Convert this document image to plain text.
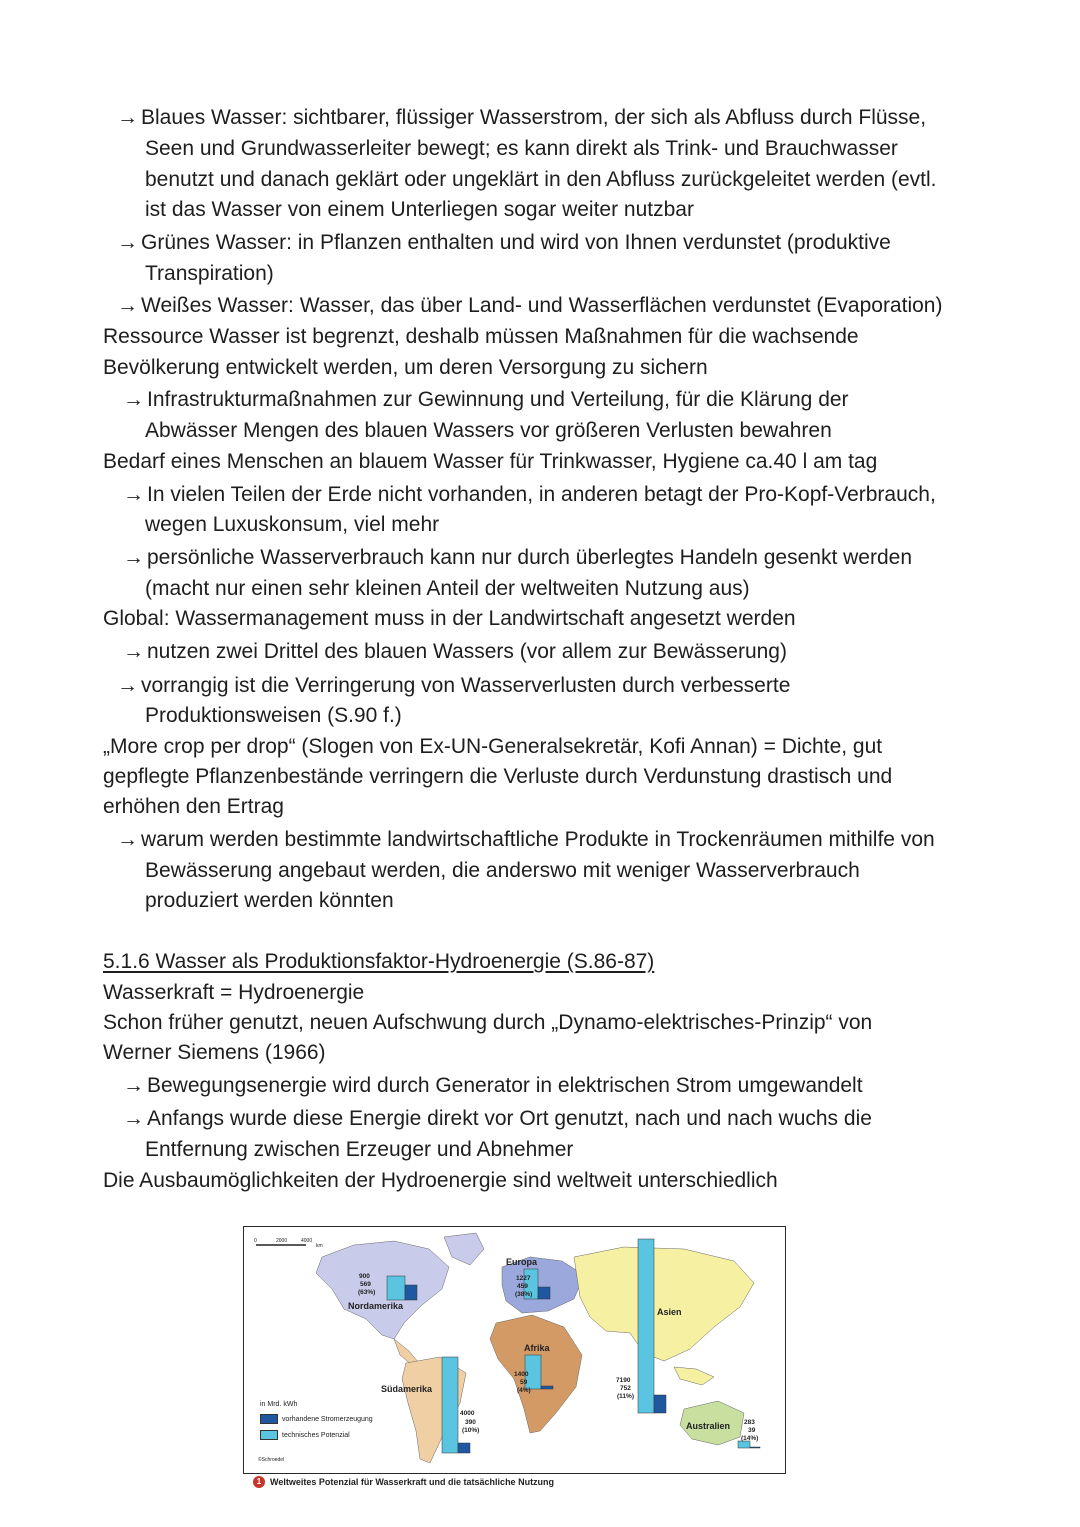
→ Blaues Wasser: sichtbarer, flüssiger Wasserstrom, der sich als Abfluss durch Flüsse,
Seen und Grundwasserleiter bewegt; es kann direkt als Trink- und Brauchwasser
benutzt und danach geklärt oder ungeklärt in den Abfluss zurückgeleitet werden (evtl.
ist das Wasser von einem Unterliegen sogar weiter nutzbar
→ Grünes Wasser: in Pflanzen enthalten und wird von Ihnen verdunstet (produktive
Transpiration)
→ Weißes Wasser: Wasser, das über Land- und Wasserflächen verdunstet (Evaporation)
Ressource Wasser ist begrenzt, deshalb müssen Maßnahmen für die wachsende
Bevölkerung entwickelt werden, um deren Versorgung zu sichern
→ Infrastrukturmaßnahmen zur Gewinnung und Verteilung, für die Klärung der
Abwässer Mengen des blauen Wassers vor größeren Verlusten bewahren
Bedarf eines Menschen an blauem Wasser für Trinkwasser, Hygiene ca.40 l am tag
→ In vielen Teilen der Erde nicht vorhanden, in anderen betagt der Pro-Kopf-Verbrauch,
wegen Luxuskonsum, viel mehr
→ persönliche Wasserverbrauch kann nur durch überlegtes Handeln gesenkt werden
(macht nur einen sehr kleinen Anteil der weltweiten Nutzung aus)
Global: Wassermanagement muss in der Landwirtschaft angesetzt werden
→ nutzen zwei Drittel des blauen Wassers (vor allem zur Bewässerung)
→ vorrangig ist die Verringerung von Wasserverlusten durch verbesserte
Produktionsweisen (S.90 f.)
„More crop per drop“ (Slogen von Ex-UN-Generalsekretär, Kofi Annan) = Dichte, gut
gepflegte Pflanzenbestände verringern die Verluste durch Verdunstung drastisch und
erhöhen den Ertrag
→ warum werden bestimmte landwirtschaftliche Produkte in Trockenräumen mithilfe von
Bewässerung angebaut werden, die anderswo mit weniger Wasserverbrauch
produziert werden könnten
5.1.6 Wasser als Produktionsfaktor-Hydroenergie (S.86-87)
Wasserkraft = Hydroenergie
Schon früher genutzt, neuen Aufschwung durch „Dynamo-elektrisches-Prinzip“ von
Werner Siemens (1966)
→ Bewegungsenergie wird durch Generator in elektrischen Strom umgewandelt
→ Anfangs wurde diese Energie direkt vor Ort genutzt, nach und nach wuchs die
Entfernung zwischen Erzeuger und Abnehmer
Die Ausbaumöglichkeiten der Hydroenergie sind weltweit unterschiedlich
0	2000	4000
km
900
569
(63%)
Nordamerika
Südamerika
4000
390
(10%)
Europa
1227
459
(38%)
Afrika
1400
59
(4%)
Asien
7190
752
(11%)
Australien 283
39
(14%)
in Mrd. kWh
vorhandene Stromerzeugung
technisches Potenzial
©Schroedel
1 Weltweites Potenzial für Wasserkraft und die tatsächliche Nutzung
